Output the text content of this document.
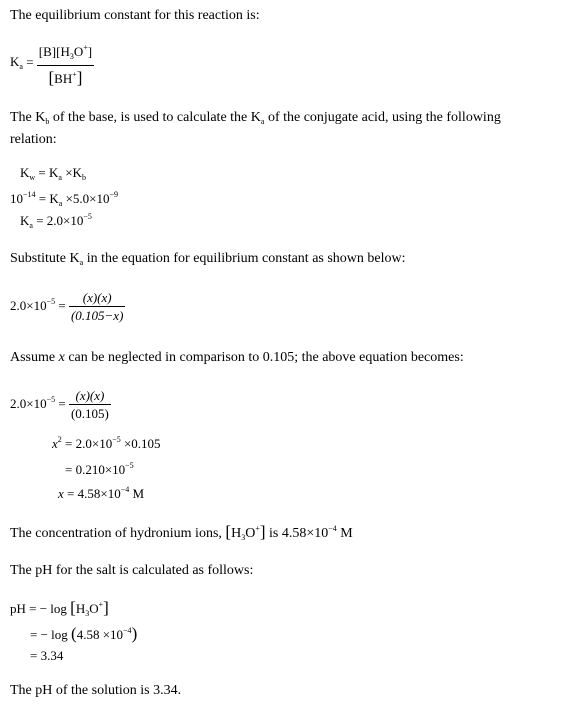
The equilibrium constant for this reaction is:
$K_a = \frac{[B][H_3O^+]}{[BH^+]}$
The $K_b$ of the base, is used to calculate the $K_a$ of the conjugate acid, using the following
relation:
$K_w = K_a \times K_b$
$10^{-14} = K_a \times 5.0\times 10^{-9}$
$K_a = 2.0\times 10^{-5}$
Substitute $K_a$ in the equation for equilibrium constant as shown below:
$2.0\times 10^{-5} = \frac{(x)(x)}{(0.105-x)}$
Assume x can be neglected in comparison to 0.105; the above equation becomes:
$2.0\times 10^{-5} = \frac{(x)(x)}{(0.105)}$
$x^2 = 2.0\times 10^{-5} \times 0.105$
= $0.210\times 10^{-5}$
$x = 4.58\times 10^{-4}$ M
The concentration of hydronium ions, $[H_3O^+]$ is $4.58\times 10^{-4}$ M
The pH for the salt is calculated as follows:
pH = − $\log [H_3O^+]$
= − $\log (4.58 \times 10^{-4})$
= 3.34
The pH of the solution is 3.34.
